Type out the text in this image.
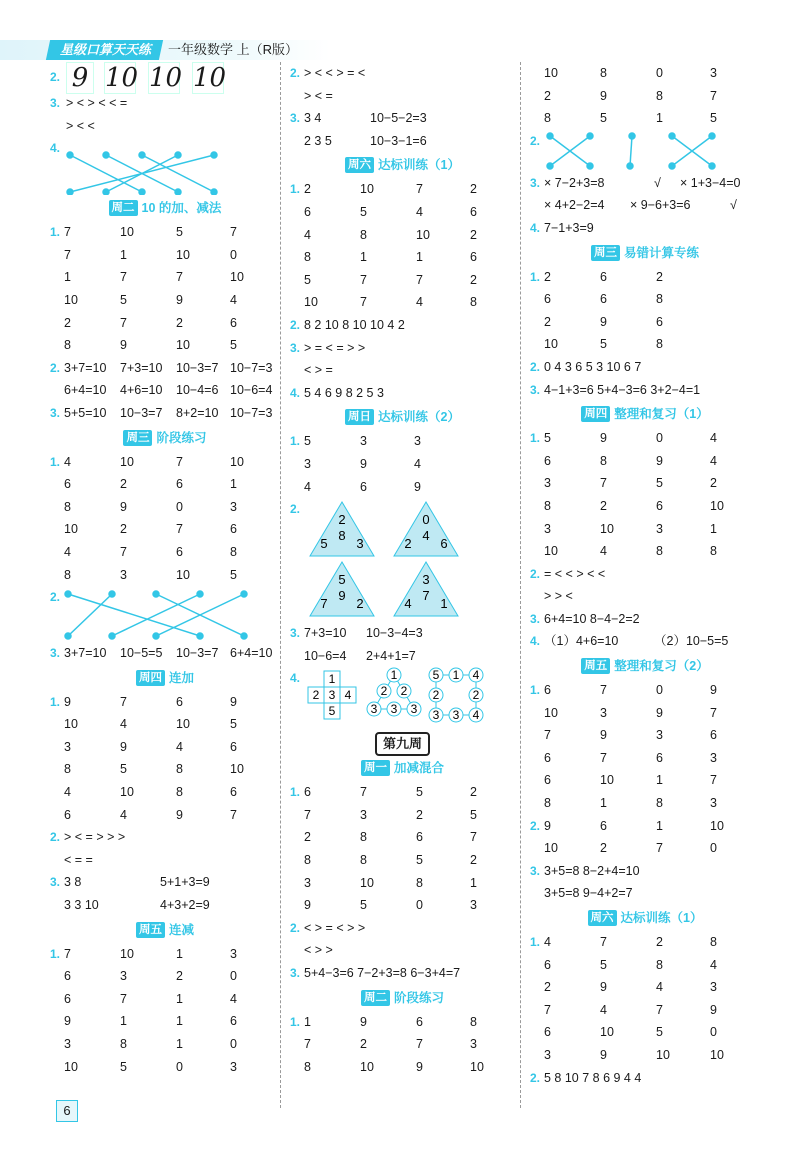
星级口算天天练	一年级数学 上（R版）
2. 9 10 10 10
3. > < > < < =
> < <
4.
周二 10 的加、减法
1. 7	10	5	7
7	1	10	0
1	7	7	10
10	5	9	4
2	7	2	6
8	9	10	5
2. 3+7=10 7+3=10 10−3=7 10−7=3
6+4=10 4+6=10 10−4=6 10−6=4
3. 5+5=10 10−3=7 8+2=10 10−7=3
周三 阶段练习
1. 4	10	7	10
6	2	6	1
8	9	0	3
10	2	7	6
4	7	6	8
8	3	10	5
2.
3. 3+7=10 10−5=5 10−3=7 6+4=10
周四 连加
1. 9	7	6	9
10	4	10	5
3	9	4	6
8	5	8	10
4	10	8	6
6	4	9	7
2. > < = > > >
< = =
3. 3 8	5+1+3=9
3 3 10	4+3+2=9
周五 连减
1. 7	10	1	3
6	3	2	0
6	7	1	4
9	1	1	6
3	8	1	0
10	5	0	3
2. > < < > = <
> < =
3. 3 4	10−5−2=3
2 3 5	10−3−1=6
周六 达标训练（1）
1. 2	10	7	2
6	5	4	6
4	8	10	2
8	1	1	6
5	7	7	2
10	7	4	8
2. 8 2 10 8 10 10 4 2
3. > = < = > >
< > =
4. 5 4 6 9 8 2 5 3
周日 达标训练（2）
1. 5	3	3
3	9	4
4	6	9
2.
2
5
8
3
0
2
4
6
5
7
9
2
3
4
7
1
3. 7+3=10 10−3−4=3
10−6=4 2+4+1=7
4. 1
2 3 4
5
1
2 2
3 3 3
5 1 4
2	2
3 3 4
第九周
周一 加减混合
1. 6	7	5	2
7	3	2	5
2	8	6	7
8	8	5	2
3	10	8	1
9	5	0	3
2. < > = < > >
< > >
3. 5+4−3=6 7−2+3=8 6−3+4=7
周二 阶段练习
1. 1	9	6	8
7	2	7	3
8	10	9	10
10	8	0	3
2	9	8	7
8	5	1	5
2.
3. × 7−2+3=8	√ × 1+3−4=0
× 4+2−2=4 × 9−6+3=6	√
4. 7−1+3=9
周三 易错计算专练
1. 2	6	2
6	6	8
2	9	6
10	5	8
2. 0 4 3 6 5 3 10 6 7
3. 4−1+3=6 5+4−3=6 3+2−4=1
周四 整理和复习（1）
1. 5	9	0	4
6	8	9	4
3	7	5	2
8	2	6	10
3	10	3	1
10	4	8	8
2. = < < > < <
> > <
3. 6+4=10 8−4−2=2
4. （1）4+6=10	（2）10−5=5
周五 整理和复习（2）
1. 6	7	0	9
10	3	9	7
7	9	3	6
6	7	6	3
6	10	1	7
8	1	8	3
2. 9	6	1	10
10	2	7	0
3. 3+5=8 8−2+4=10
3+5=8 9−4+2=7
周六 达标训练（1）
1. 4	7	2	8
6	5	8	4
2	9	4	3
7	4	7	9
6	10	5	0
3	9	10	10
2. 5 8 10 7 8 6 9 4 4
6
